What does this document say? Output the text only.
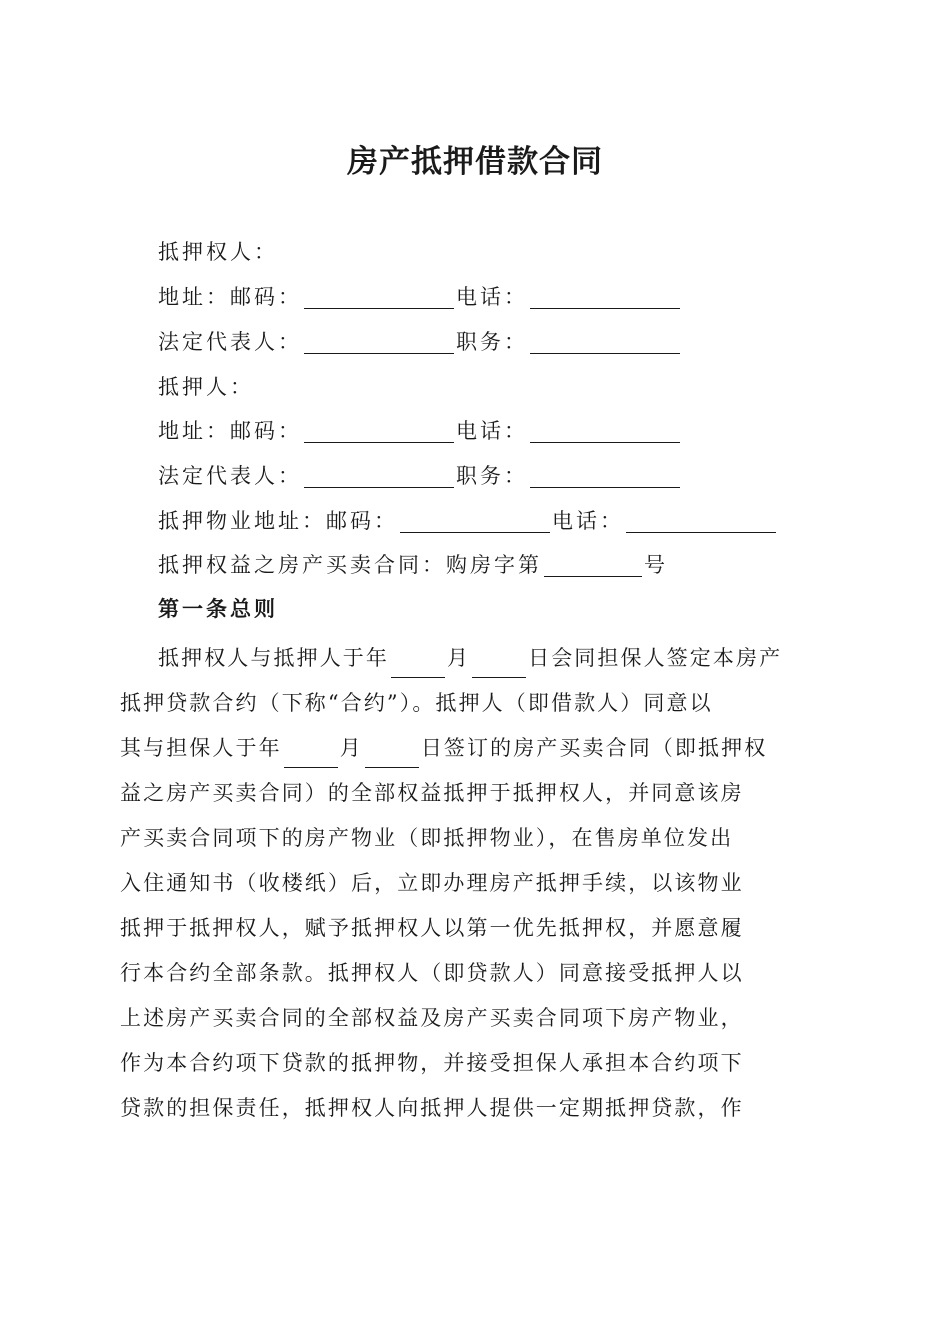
房产抵押借款合同
抵押权人：
地址：邮码：	电话：
法定代表人：	职务：
抵押人：
地址：邮码：	电话：
法定代表人：	职务：
抵押物业地址：邮码：	电话：
抵押权益之房产买卖合同：购房字第	号
第一条总则
抵押权人与抵押人于年	月	日会同担保人签定本房产
抵押贷款合约（下称“合约”）。抵押人（即借款人）同意以
其与担保人于年	月	日签订的房产买卖合同（即抵押权
益之房产买卖合同）的全部权益抵押于抵押权人，并同意该房
产买卖合同项下的房产物业（即抵押物业），在售房单位发出
入住通知书（收楼纸）后，立即办理房产抵押手续，以该物业
抵押于抵押权人，赋予抵押权人以第一优先抵押权，并愿意履
行本合约全部条款。抵押权人（即贷款人）同意接受抵押人以
上述房产买卖合同的全部权益及房产买卖合同项下房产物业，
作为本合约项下贷款的抵押物，并接受担保人承担本合约项下
贷款的担保责任，抵押权人向抵押人提供一定期抵押贷款，作
